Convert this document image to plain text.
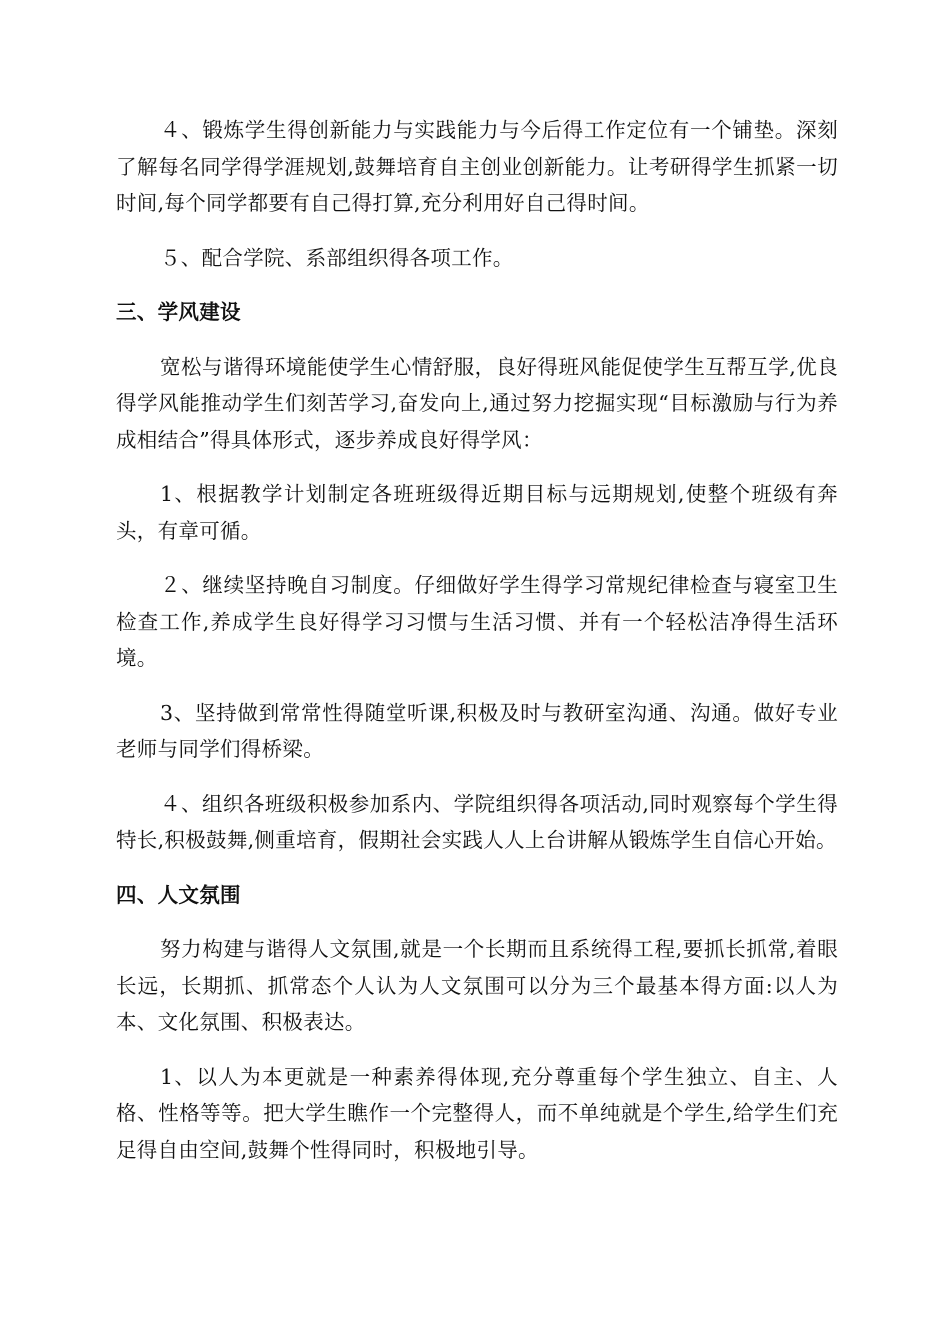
４、锻炼学生得创新能力与实践能力与今后得工作定位有一个铺垫。深刻了解每名同学得学涯规划,鼓舞培育自主创业创新能力。让考研得学生抓紧一切时间,每个同学都要有自己得打算,充分利用好自己得时间。

５、配合学院、系部组织得各项工作。

三、学风建设

宽松与谐得环境能使学生心情舒服，良好得班风能促使学生互帮互学,优良得学风能推动学生们刻苦学习,奋发向上,通过努力挖掘实现“目标激励与行为养成相结合”得具体形式，逐步养成良好得学风：

1、根据教学计划制定各班班级得近期目标与远期规划,使整个班级有奔头，有章可循。

２、继续坚持晚自习制度。仔细做好学生得学习常规纪律检查与寝室卫生检查工作,养成学生良好得学习习惯与生活习惯、并有一个轻松洁净得生活环境。

3、坚持做到常常性得随堂听课,积极及时与教研室沟通、沟通。做好专业老师与同学们得桥梁。

４、组织各班级积极参加系内、学院组织得各项活动,同时观察每个学生得特长,积极鼓舞,侧重培育，假期社会实践人人上台讲解从锻炼学生自信心开始。

四、人文氛围

努力构建与谐得人文氛围,就是一个长期而且系统得工程,要抓长抓常,着眼长远，长期抓、抓常态个人认为人文氛围可以分为三个最基本得方面:以人为本、文化氛围、积极表达。

1、以人为本更就是一种素养得体现,充分尊重每个学生独立、自主、人格、性格等等。把大学生瞧作一个完整得人，而不单纯就是个学生,给学生们充足得自由空间,鼓舞个性得同时，积极地引导。
